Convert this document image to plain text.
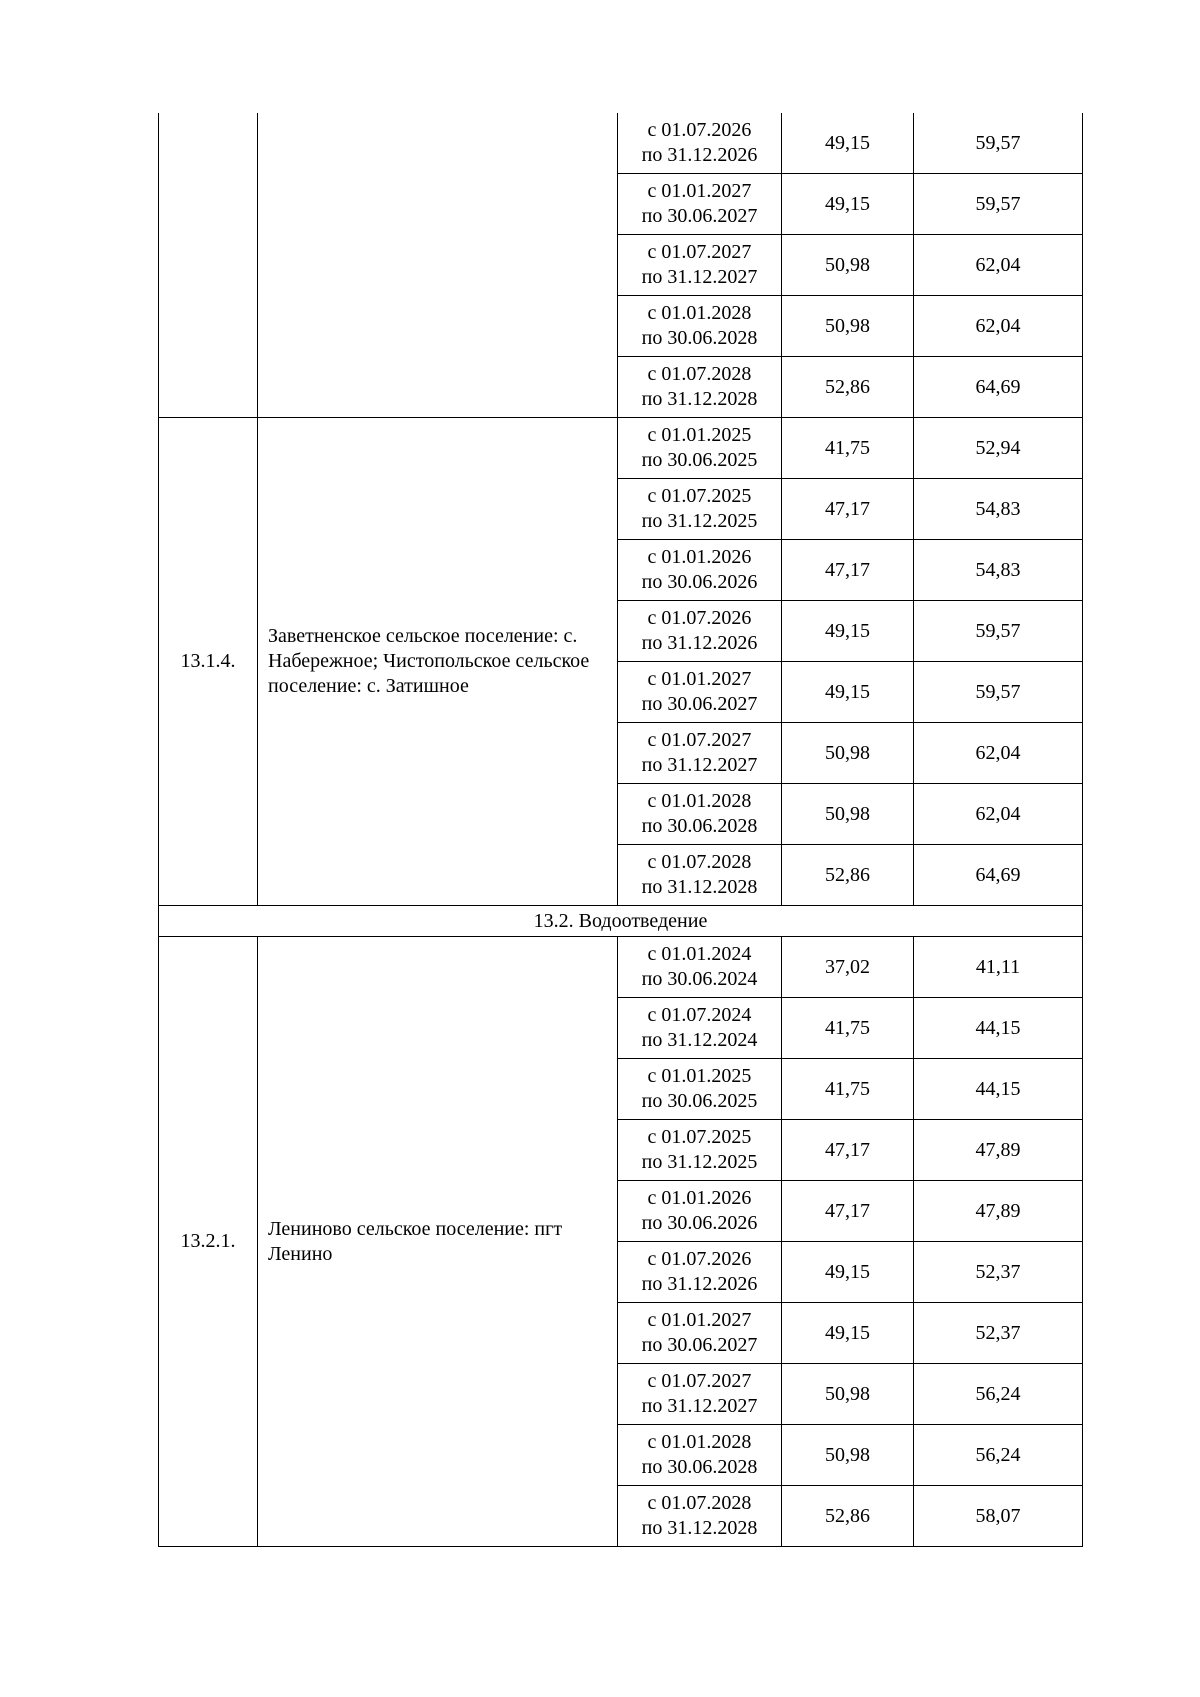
		с 01.07.2026
по 31.12.2026	49,15	59,57

		с 01.01.2027
по 30.06.2027	49,15	59,57

		с 01.07.2027
по 31.12.2027	50,98	62,04

		с 01.01.2028
по 30.06.2028	50,98	62,04

		с 01.07.2028
по 31.12.2028	52,86	64,69
13.1.4.	Заветненское сельское поселение: с. Набережное; Чистопольское сельское поселение: с. Затишное	с 01.01.2025
по 30.06.2025	41,75	52,94

		с 01.07.2025
по 31.12.2025	47,17	54,83

		с 01.01.2026
по 30.06.2026	47,17	54,83

		с 01.07.2026
по 31.12.2026	49,15	59,57

		с 01.01.2027
по 30.06.2027	49,15	59,57

		с 01.07.2027
по 31.12.2027	50,98	62,04

		с 01.01.2028
по 30.06.2028	50,98	62,04

		с 01.07.2028
по 31.12.2028	52,86	64,69
13.2. Водоотведение				
13.2.1.	Лениново сельское поселение: пгт Ленино	с 01.01.2024
по 30.06.2024	37,02	41,11

		с 01.07.2024
по 31.12.2024	41,75	44,15

		с 01.01.2025
по 30.06.2025	41,75	44,15

		с 01.07.2025
по 31.12.2025	47,17	47,89

		с 01.01.2026
по 30.06.2026	47,17	47,89

		с 01.07.2026
по 31.12.2026	49,15	52,37

		с 01.01.2027
по 30.06.2027	49,15	52,37

		с 01.07.2027
по 31.12.2027	50,98	56,24

		с 01.01.2028
по 30.06.2028	50,98	56,24

		с 01.07.2028
по 31.12.2028	52,86	58,07
